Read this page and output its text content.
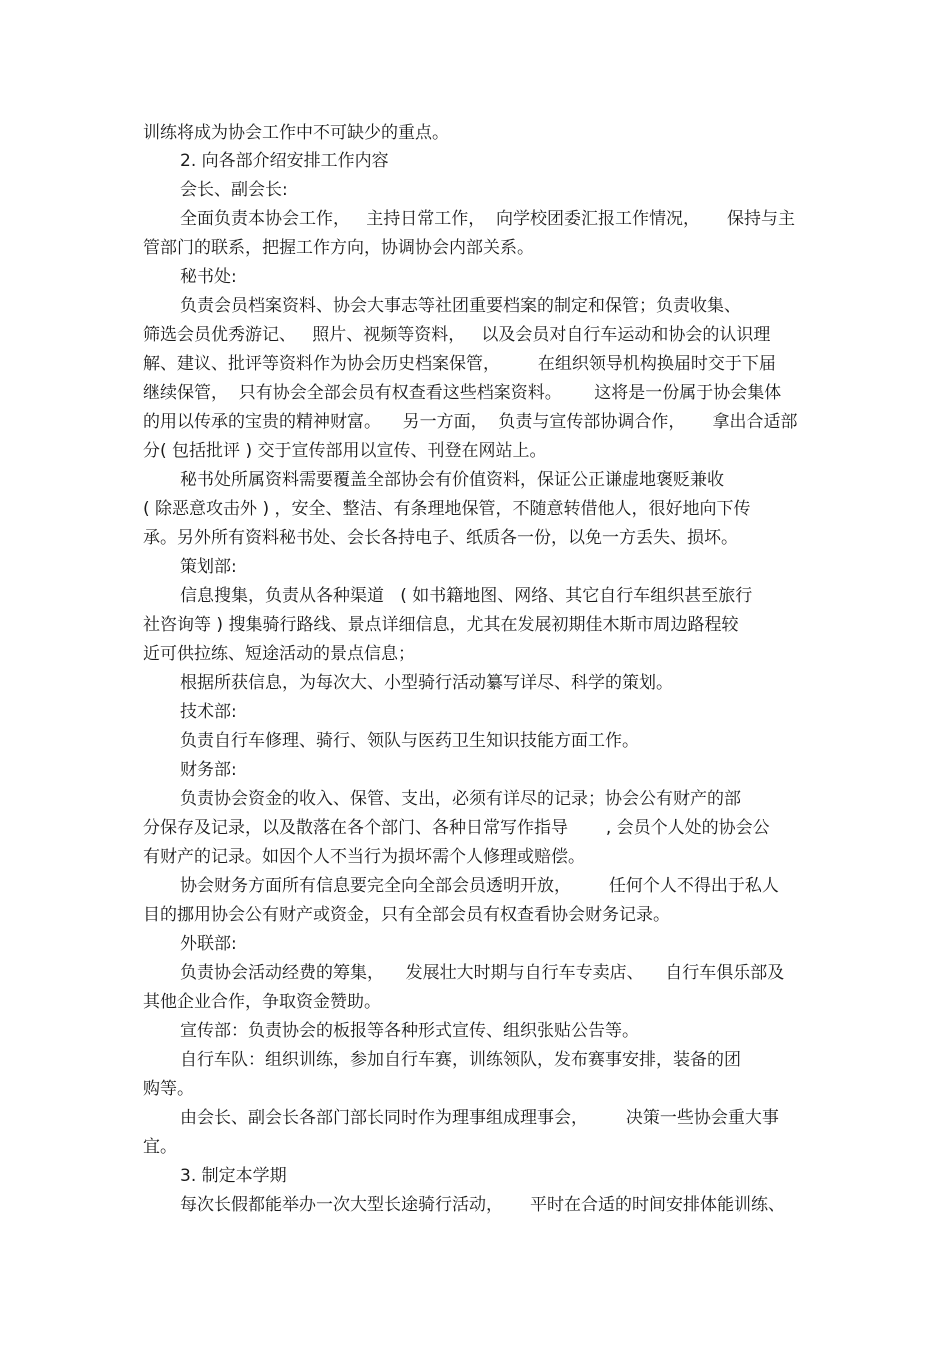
训练将成为协会工作中不可缺少的重点。
2. 向各部介绍安排工作内容
会长、副会长:
全面负责本协会工作，   主持日常工作，  向学校团委汇报工作情况，     保持与主
管部门的联系，把握工作方向，协调协会内部关系。
秘书处:
负责会员档案资料、协会大事志等社团重要档案的制定和保管；负责收集、
筛选会员优秀游记、   照片、视频等资料，   以及会员对自行车运动和协会的认识理
解、建议、批评等资料作为协会历史档案保管，       在组织领导机构换届时交于下届
继续保管，  只有协会全部会员有权查看这些档案资料。      这将是一份属于协会集体
的用以传承的宝贵的精神财富。    另一方面，  负责与宣传部协调合作，     拿出合适部
分( 包括批评 ) 交于宣传部用以宣传、刊登在网站上。
秘书处所属资料需要覆盖全部协会有价值资料，保证公正谦虚地褒贬兼收
( 除恶意攻击外 ) ，安全、整洁、有条理地保管，不随意转借他人，很好地向下传
承。另外所有资料秘书处、会长各持电子、纸质各一份，以免一方丢失、损坏。
策划部:
信息搜集，负责从各种渠道   ( 如书籍地图、网络、其它自行车组织甚至旅行
社咨询等 ) 搜集骑行路线、景点详细信息，尤其在发展初期佳木斯市周边路程较
近可供拉练、短途活动的景点信息；
根据所获信息，为每次大、小型骑行活动纂写详尽、科学的策划。
技术部:
负责自行车修理、骑行、领队与医药卫生知识技能方面工作。
财务部:
负责协会资金的收入、保管、支出，必须有详尽的记录；协会公有财产的部
分保存及记录，以及散落在各个部门、各种日常写作指导       , 会员个人处的协会公
有财产的记录。如因个人不当行为损坏需个人修理或赔偿。
协会财务方面所有信息要完全向全部会员透明开放，       任何个人不得出于私人
目的挪用协会公有财产或资金，只有全部会员有权查看协会财务记录。
外联部:
负责协会活动经费的筹集，    发展壮大时期与自行车专卖店、    自行车俱乐部及
其他企业合作，争取资金赞助。
宣传部：负责协会的板报等各种形式宣传、组织张贴公告等。
自行车队：组织训练，参加自行车赛，训练领队，发布赛事安排，装备的团
购等。
由会长、副会长各部门部长同时作为理事组成理事会，       决策一些协会重大事
宜。
3. 制定本学期
每次长假都能举办一次大型长途骑行活动，     平时在合适的时间安排体能训练、
